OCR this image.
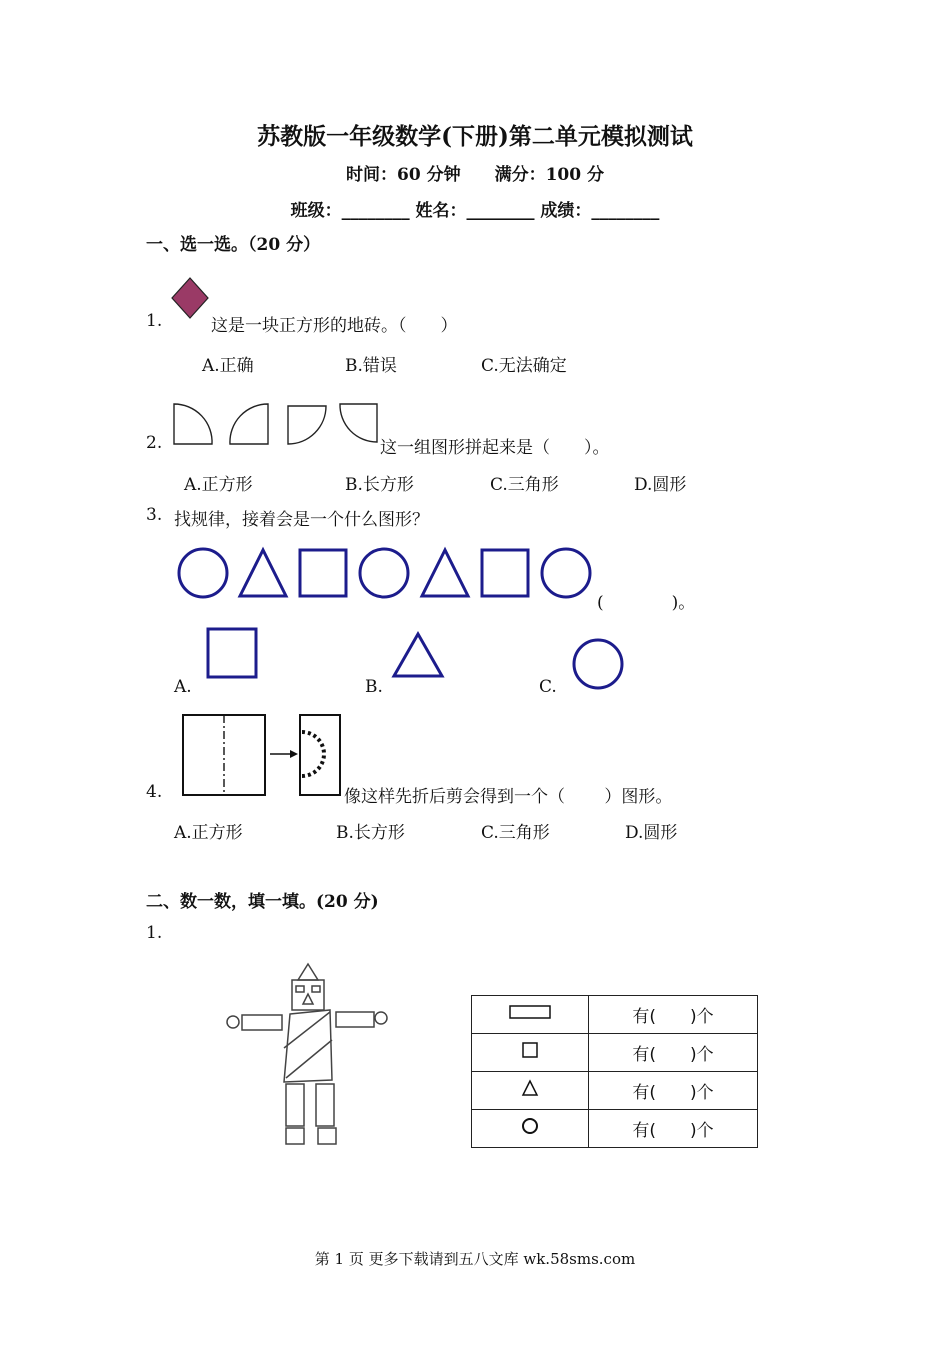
苏教版一年级数学(下册)第二单元模拟测试
时间：60 分钟 满分：100 分
班级：________ 姓名：________ 成绩：________
一、选一选。（20 分）
1.	这是一块正方形的地砖。（　　）
A.正确	B.错误	C.无法确定
2.	这一组图形拼起来是（　　）。
A.正方形	B.长方形	C.三角形	D.圆形
3. 找规律，接着会是一个什么图形？
(　　　　)。
A.	B.	C.
4.	像这样先折后剪会得到一个（　　 ）图形。
A.正方形	B.长方形	C.三角形	D.圆形
二、数一数，填一填。(20 分)
1.
	有(　　)个
	有(　　)个
	有(　　)个
	有(　　)个
第 1 页 更多下载请到五八文库 wk.58sms.com
